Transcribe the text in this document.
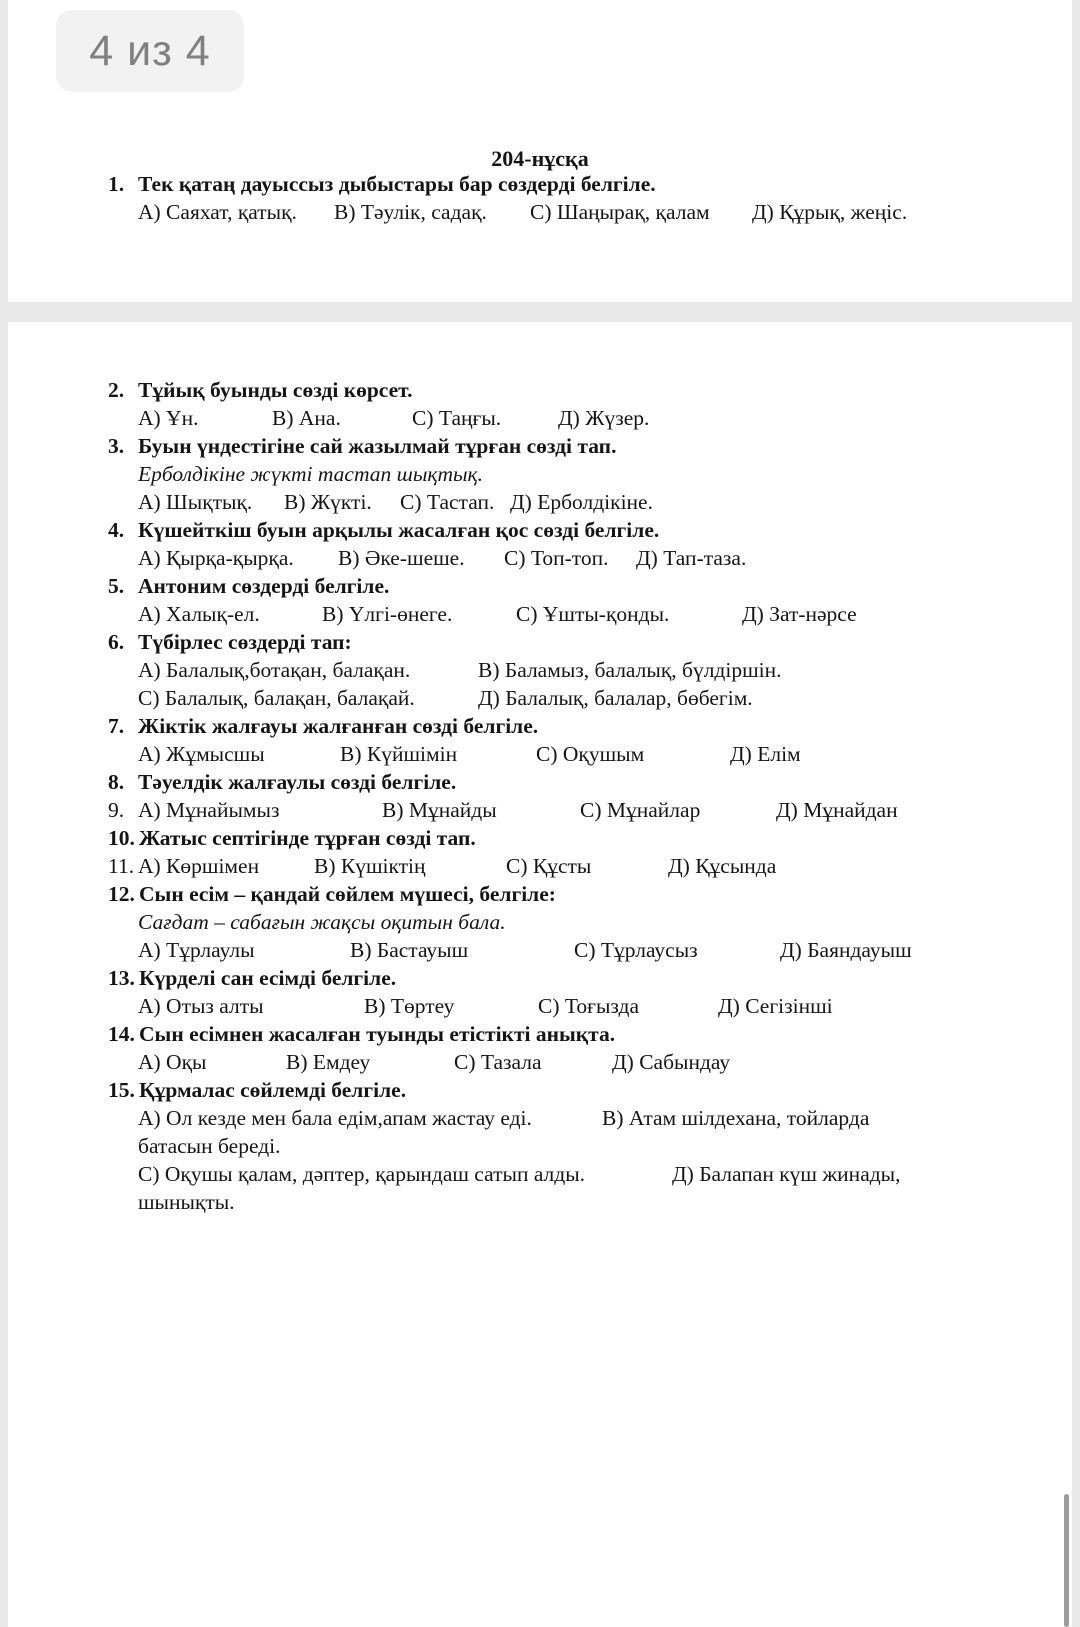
204-нұсқа
1. Тек қатаң дауыссыз дыбыстары бар сөздерді белгіле.
А) Саяхат, қатық. В) Тәулік, садақ. С) Шаңырақ, қалам Д) Құрық, жеңіс.
4 из 4
2. Тұйық буынды сөзді көрсет.
А) Ұн.	В) Ана.	С) Таңғы.	Д) Жүзер.
3. Буын үндестігіне сай жазылмай тұрған сөзді тап.
Ерболдікіне жүкті тастап шықтық.
А) Шықтық. В) Жүкті. С) Тастап. Д) Ерболдікіне.
4. Күшейткіш буын арқылы жасалған қос сөзді белгіле.
А) Қырқа-қырқа. В) Әке-шеше. С) Топ-топ. Д) Тап-таза.
5. Антоним сөздерді белгіле.
А) Халық-ел.	В) Үлгі-өнеге.	С) Ұшты-қонды.	Д) Зат-нәрсе
6. Түбірлес сөздерді тап:
А) Балалық,ботақан, балақан.	В) Баламыз, балалық, бүлдіршін.
С) Балалық, балақан, балақай.	Д) Балалық, балалар, бөбегім.
7. Жіктік жалғауы жалғанған сөзді белгіле.
А) Жұмысшы	В) Күйшімін	С) Оқушым	Д) Елім
8. Тәуелдік жалғаулы сөзді белгіле.
9. А) Мұнайымыз	В) Мұнайды	С) Мұнайлар	Д) Мұнайдан
10. Жатыс септігінде тұрған сөзді тап.
11. А) Көршімен	В) Күшіктің	С) Құсты	Д) Құсында
12. Сын есім – қандай сөйлем мүшесі, белгіле:
Сағдат – сабағын жақсы оқитын бала.
А) Тұрлаулы	В) Бастауыш	С) Тұрлаусыз	Д) Баяндауыш
13. Күрделі сан есімді белгіле.
А) Отыз алты	В) Төртеу	С) Тоғызда	Д) Сегізінші
14. Сын есімнен жасалған туынды етістікті анықта.
А) Оқы	В) Емдеу	С) Тазала	Д) Сабындау
15. Құрмалас сөйлемді белгіле.
А) Ол кезде мен бала едім,апам жастау еді.	В) Атам шілдехана, тойларда
батасын береді.
С) Оқушы қалам, дәптер, қарындаш сатып алды.	Д) Балапан күш жинады,
шынықты.
